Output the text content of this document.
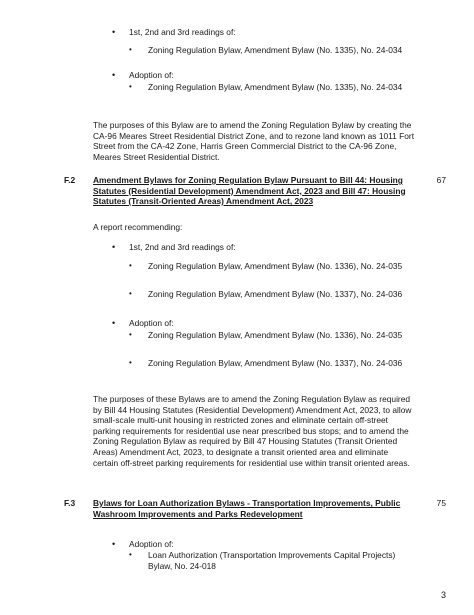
• 1st, 2nd and 3rd readings of:
• Zoning Regulation Bylaw, Amendment Bylaw (No. 1335), No. 24-034
• Adoption of:
• Zoning Regulation Bylaw, Amendment Bylaw (No. 1335), No. 24-034
The purposes of this Bylaw are to amend the Zoning Regulation Bylaw by creating the CA-96 Meares Street Residential District Zone, and to rezone land known as 1011 Fort Street from the CA-42 Zone, Harris Green Commercial District to the CA-96 Zone, Meares Street Residential District.
F.2 Amendment Bylaws for Zoning Regulation Bylaw Pursuant to Bill 44: Housing Statutes (Residential Development) Amendment Act, 2023 and Bill 47: Housing Statutes (Transit-Oriented Areas) Amendment Act, 2023
67
A report recommending:
• 1st, 2nd and 3rd readings of:
• Zoning Regulation Bylaw, Amendment Bylaw (No. 1336), No. 24-035
• Zoning Regulation Bylaw, Amendment Bylaw (No. 1337), No. 24-036
• Adoption of:
• Zoning Regulation Bylaw, Amendment Bylaw (No. 1336), No. 24-035
• Zoning Regulation Bylaw, Amendment Bylaw (No. 1337), No. 24-036
The purposes of these Bylaws are to amend the Zoning Regulation Bylaw as required by Bill 44 Housing Statutes (Residential Development) Amendment Act, 2023, to allow small-scale multi-unit housing in restricted zones and eliminate certain off-street parking requirements for residential use near prescribed bus stops; and to amend the Zoning Regulation Bylaw as required by Bill 47 Housing Statutes (Transit Oriented Areas) Amendment Act, 2023, to designate a transit oriented area and eliminate certain off-street parking requirements for residential use within transit oriented areas.
F.3 Bylaws for Loan Authorization Bylaws - Transportation Improvements, Public Washroom Improvements and Parks Redevelopment
75
• Adoption of:
• Loan Authorization (Transportation Improvements Capital Projects) Bylaw, No. 24-018
3
